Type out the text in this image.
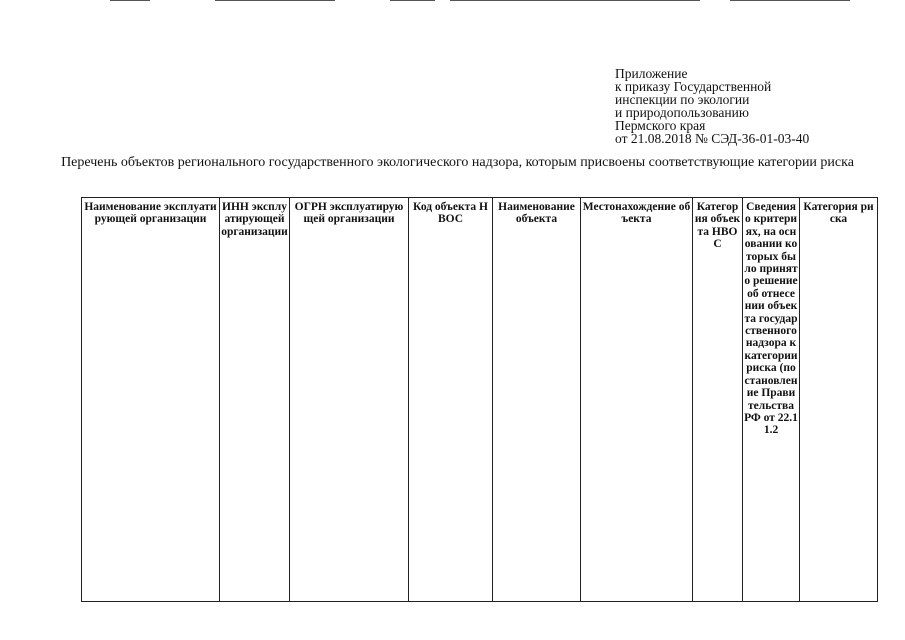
Приложение
к приказу Государственной
инспекции по экологии
и природопользованию
Пермского края
от 21.08.2018 № СЭД-36-01-03-40
Перечень объектов регионального государственного экологического надзора, которым присвоены соответствующие категории риска
Наименование эксплуатирующей организации	ИНН эксплуатирующей организации	ОГРН эксплуатирующей организации	Код объекта НВОС	Наименование объекта	Местонахождение объекта	Категория объекта НВОС	Сведения о критериях, на основании которых было принято решение об отнесении объекта государственного надзора к категории риска (постановление Правительства РФ от 22.11.2	Категория риска
